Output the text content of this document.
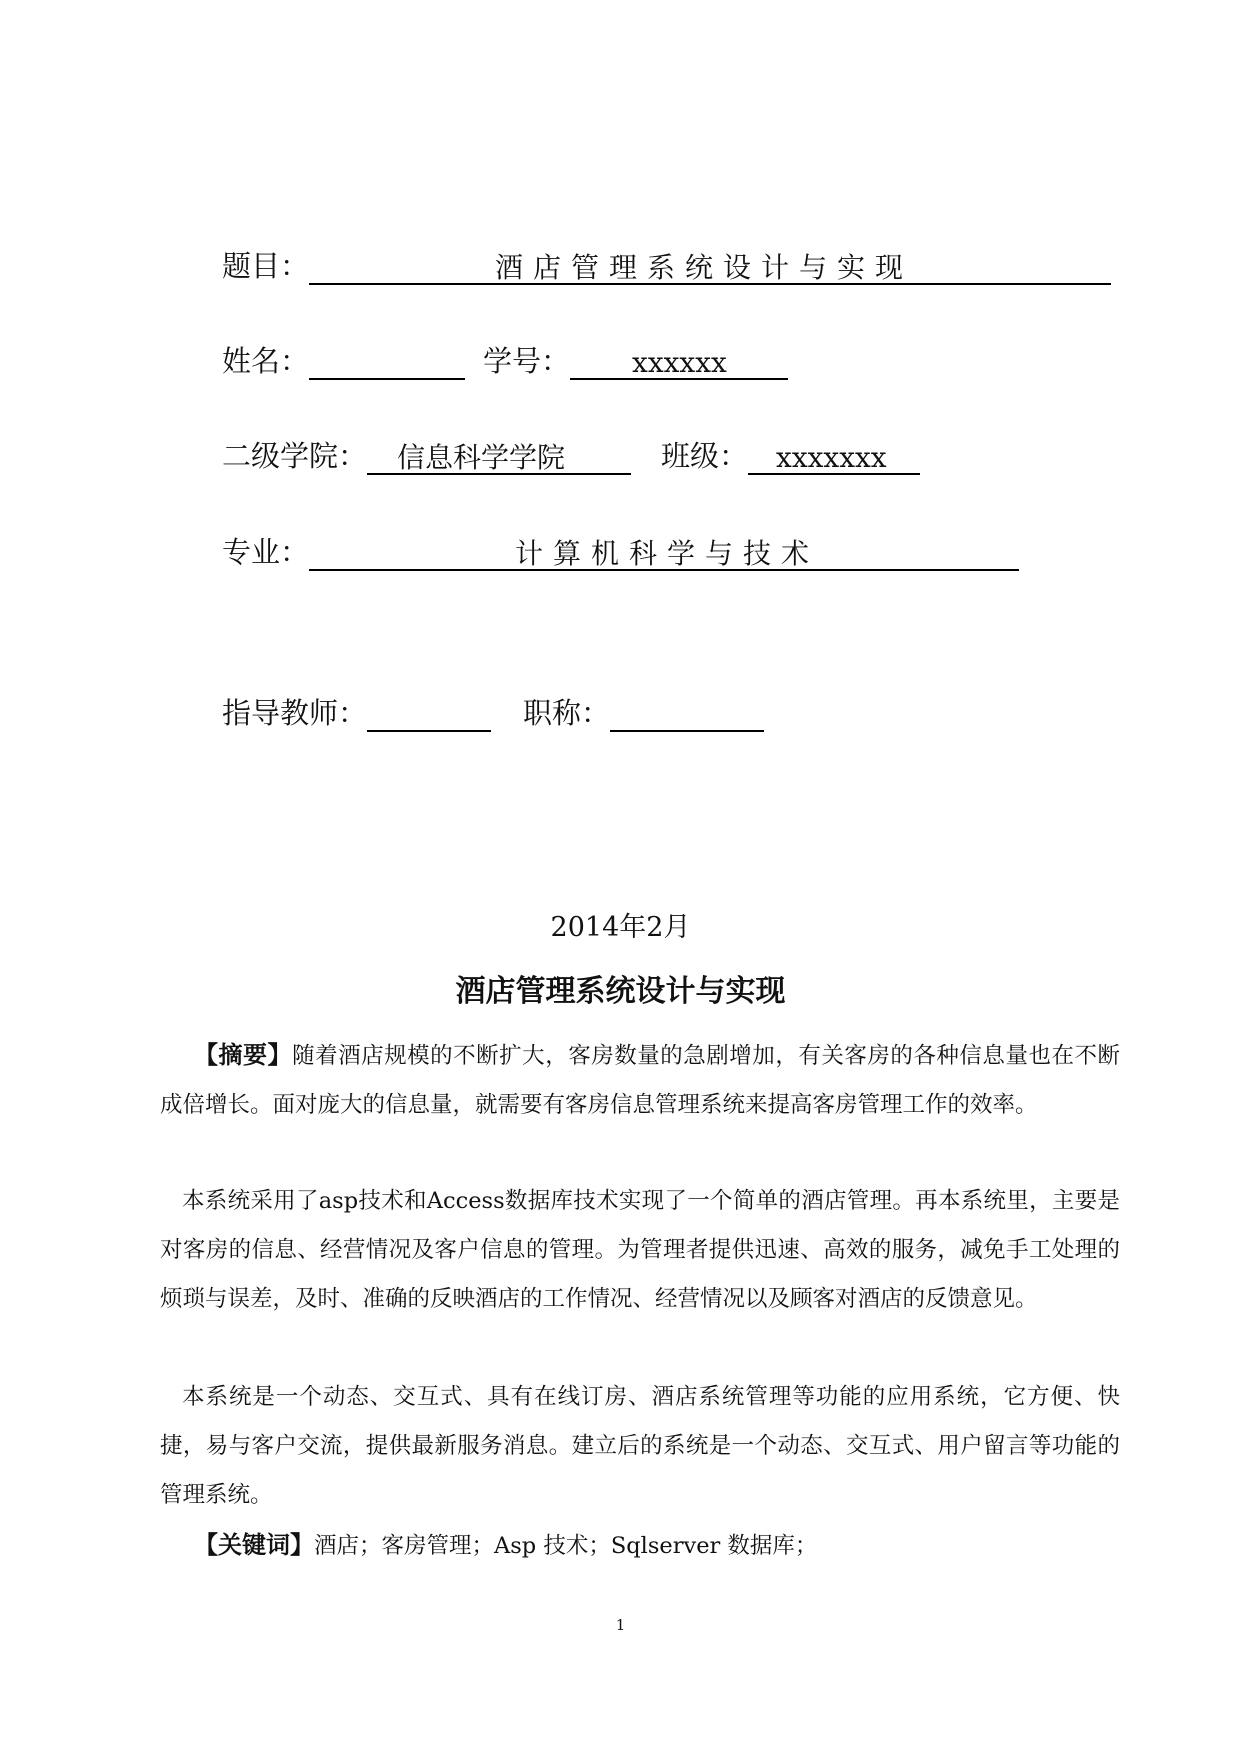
题目：	酒店管理系统设计与实现
姓名：	学号：	xxxxxx
二级学院：	信息科学学院	班级：	xxxxxxx
专业：	计算机科学与技术
指导教师：	职称：
2014年2月
酒店管理系统设计与实现

【摘要】随着酒店规模的不断扩大，客房数量的急剧增加，有关客房的各种信息量也在不断成倍增长。面对庞大的信息量，就需要有客房信息管理系统来提高客房管理工作的效率。

本系统采用了asp技术和Access数据库技术实现了一个简单的酒店管理。再本系统里，主要是对客房的信息、经营情况及客户信息的管理。为管理者提供迅速、高效的服务，减免手工处理的烦琐与误差，及时、准确的反映酒店的工作情况、经营情况以及顾客对酒店的反馈意见。

本系统是一个动态、交互式、具有在线订房、酒店系统管理等功能的应用系统，它方便、快捷，易与客户交流，提供最新服务消息。建立后的系统是一个动态、交互式、用户留言等功能的管理系统。

【关键词】酒店；客房管理；Asp 技术；Sqlserver 数据库；

1
